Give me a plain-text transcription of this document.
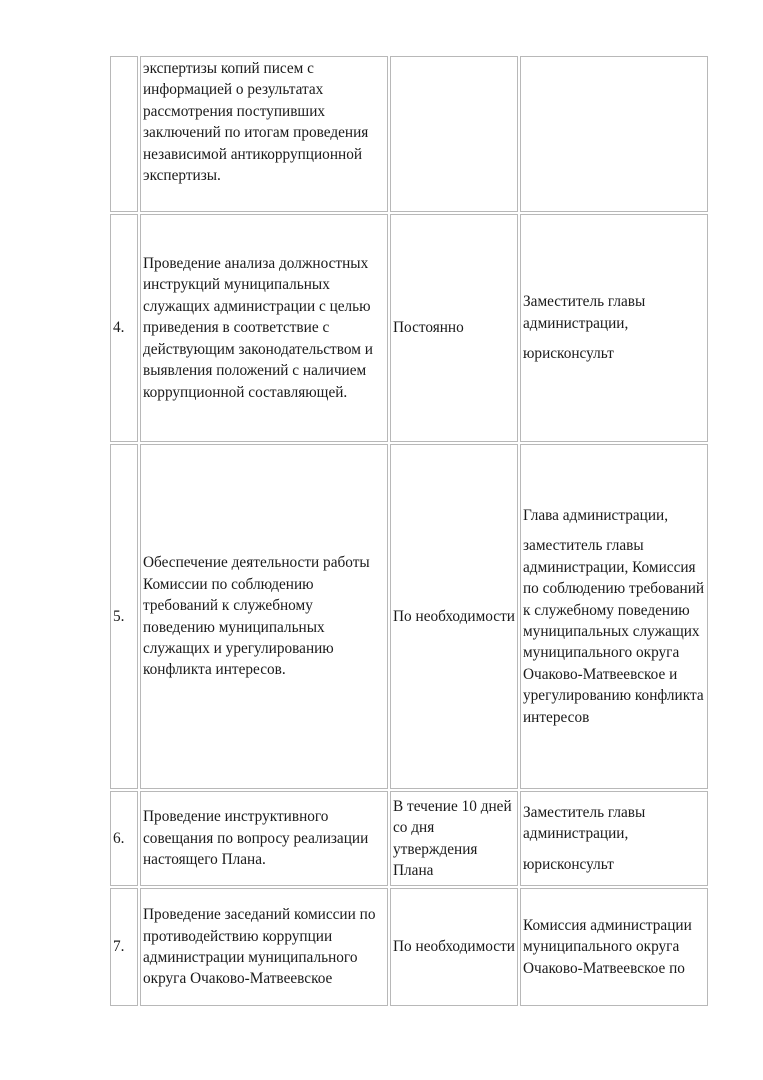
	экспертизы копий писем с информацией о результатах рассмотрения поступивших заключений по итогам проведения независимой антикоррупционной экспертизы.		
4.	Проведение анализа должностных инструкций муниципальных служащих администрации с целью приведения в соответствие с действующим законодательством и выявления положений с наличием коррупционной составляющей.	Постоянно	Заместитель главы администрации,
юрисконсульт

5.	Обеспечение деятельности работы Комиссии по соблюдению требований к служебному поведению муниципальных служащих и урегулированию конфликта интересов.	По необходимости	Глава администрации,
заместитель главы администрации, Комиссия по соблюдению требований к служебному поведению муниципальных служащих муниципального округа Очаково-Матвеевское и урегулированию конфликта интересов

6.	Проведение инструктивного совещания по вопросу реализации настоящего Плана.	В течение 10 дней со дня утверждения Плана	Заместитель главы администрации,
юрисконсульт

7.	Проведение заседаний комиссии по противодействию коррупции администрации муниципального округа Очаково-Матвеевское	По необходимости	Комиссия администрации муниципального округа Очаково-Матвеевское по
